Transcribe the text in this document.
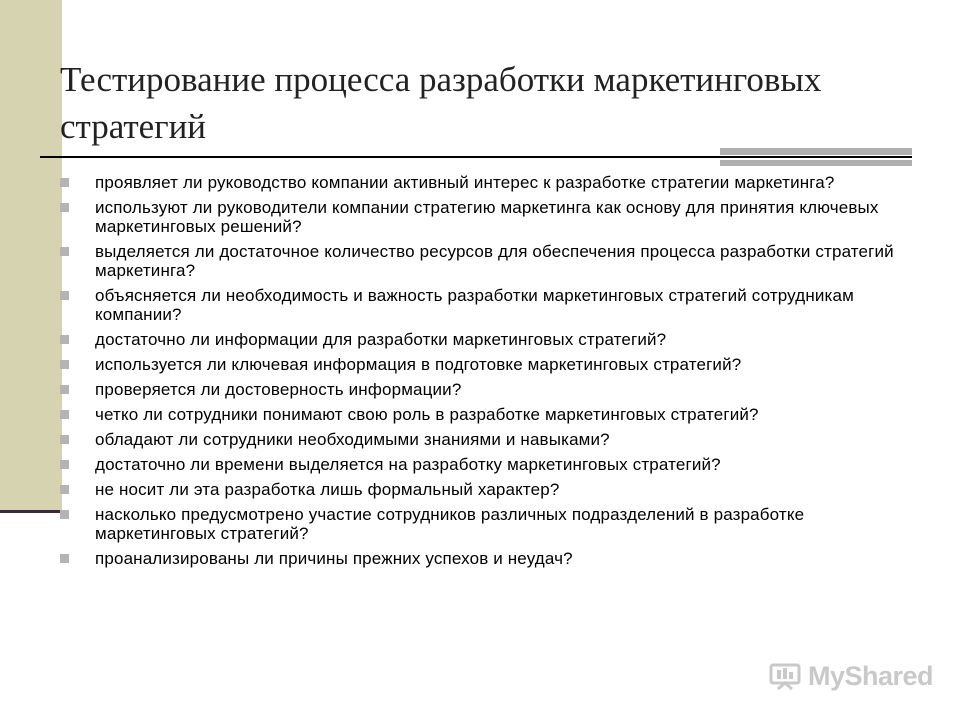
Тестирование процесса разработки маркетинговых стратегий
проявляет ли руководство компании активный интерес к разработке стратегии маркетинга?
используют ли руководители компании стратегию маркетинга как основу для принятия ключевых маркетинговых решений?
выделяется ли достаточное количество ресурсов для обеспечения процесса разработки стратегий маркетинга?
объясняется ли необходимость и важность разработки маркетинговых стратегий сотрудникам компании?
достаточно ли информации для разработки маркетинговых стратегий?
используется ли ключевая информация в подготовке маркетинговых стратегий?
проверяется ли достоверность информации?
четко ли сотрудники понимают свою роль в разработке маркетинговых стратегий?
обладают ли сотрудники необходимыми знаниями и навыками?
достаточно ли времени выделяется на разработку маркетинговых стратегий?
не носит ли эта разработка лишь формальный характер?
насколько предусмотрено участие сотрудников различных подразделений в разработке маркетинговых стратегий?
проанализированы ли причины прежних успехов и неудач?
MyShared
